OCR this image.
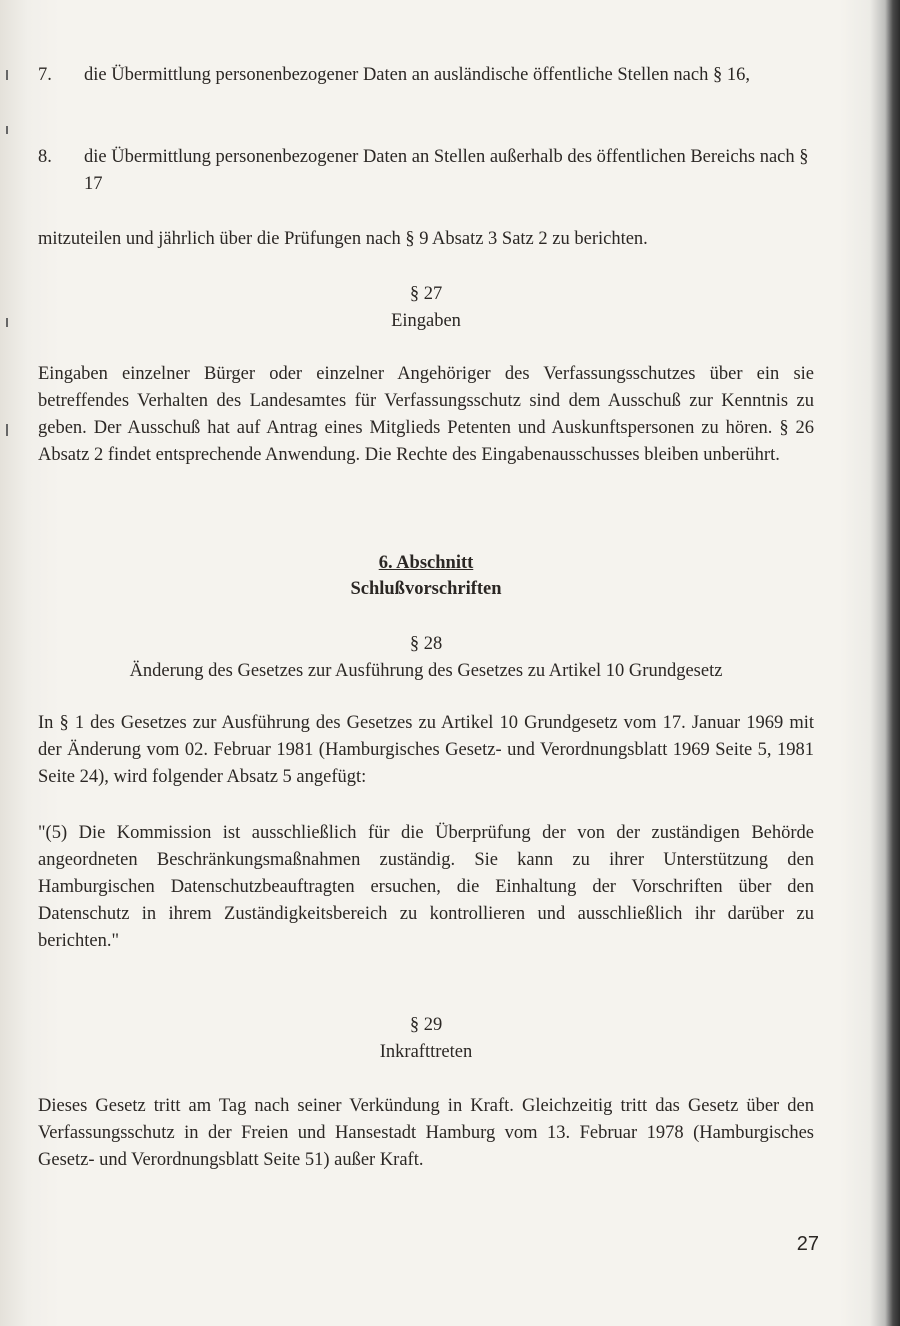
7. die Übermittlung personenbezogener Daten an ausländische öffentliche Stellen nach § 16,
8. die Übermittlung personenbezogener Daten an Stellen außerhalb des öffentlichen Bereichs nach § 17
mitzuteilen und jährlich über die Prüfungen nach § 9 Absatz 3 Satz 2 zu berichten.
§ 27
Eingaben
Eingaben einzelner Bürger oder einzelner Angehöriger des Verfassungsschutzes über ein sie betreffendes Verhalten des Landesamtes für Verfassungsschutz sind dem Ausschuß zur Kenntnis zu geben. Der Ausschuß hat auf Antrag eines Mitglieds Petenten und Auskunftspersonen zu hören. § 26 Absatz 2 findet entsprechende Anwendung. Die Rechte des Eingabenausschusses bleiben unberührt.
6. Abschnitt
Schlußvorschriften
§ 28
Änderung des Gesetzes zur Ausführung des Gesetzes zu Artikel 10 Grundgesetz
In § 1 des Gesetzes zur Ausführung des Gesetzes zu Artikel 10 Grundgesetz vom 17. Januar 1969 mit der Änderung vom 02. Februar 1981 (Hamburgisches Gesetz- und Verordnungsblatt 1969 Seite 5, 1981 Seite 24), wird folgender Absatz 5 angefügt:
"(5) Die Kommission ist ausschließlich für die Überprüfung der von der zuständigen Behörde angeordneten Beschränkungsmaßnahmen zuständig. Sie kann zu ihrer Unterstützung den Hamburgischen Datenschutzbeauftragten ersuchen, die Einhaltung der Vorschriften über den Datenschutz in ihrem Zuständigkeitsbereich zu kontrollieren und ausschließlich ihr darüber zu berichten."
§ 29
Inkrafttreten
Dieses Gesetz tritt am Tag nach seiner Verkündung in Kraft. Gleichzeitig tritt das Gesetz über den Verfassungsschutz in der Freien und Hansestadt Hamburg vom 13. Februar 1978 (Hamburgisches Gesetz- und Verordnungsblatt Seite 51) außer Kraft.
27
